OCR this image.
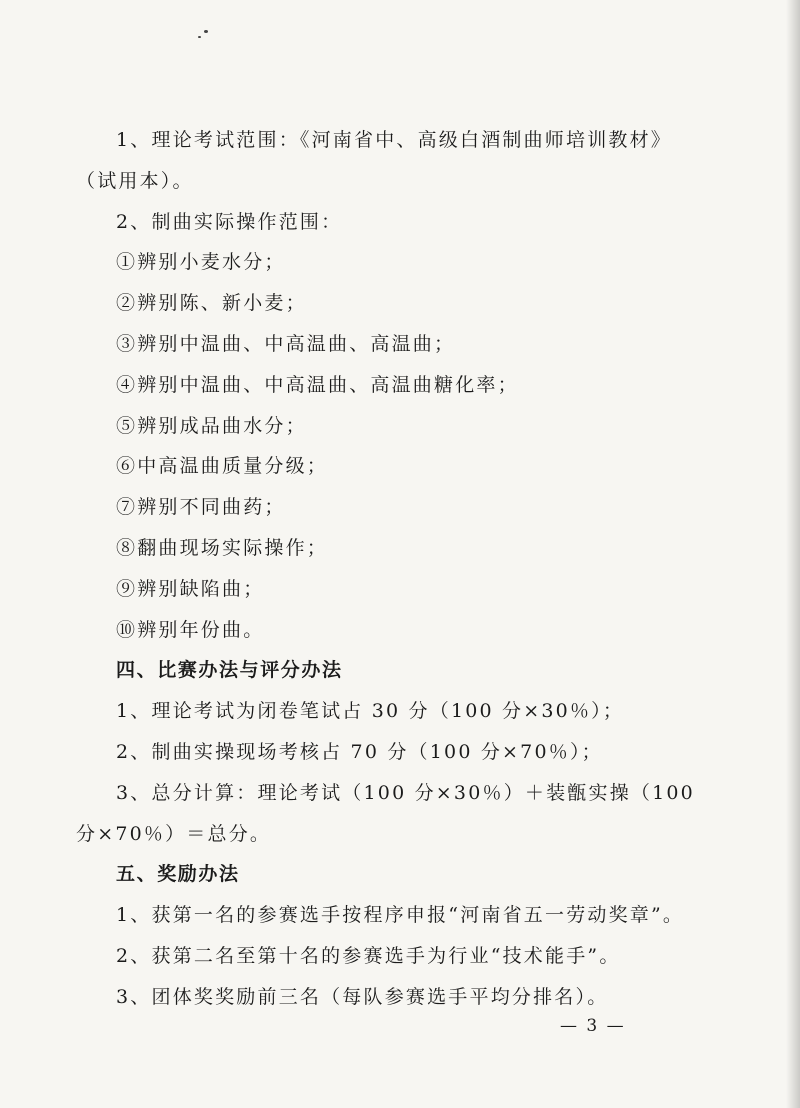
1、理论考试范围：《河南省中、高级白酒制曲师培训教材》
（试用本）。
2、制曲实际操作范围：
①辨别小麦水分；
②辨别陈、新小麦；
③辨别中温曲、中高温曲、高温曲；
④辨别中温曲、中高温曲、高温曲糖化率；
⑤辨别成品曲水分；
⑥中高温曲质量分级；
⑦辨别不同曲药；
⑧翻曲现场实际操作；
⑨辨别缺陷曲；
⑩辨别年份曲。
四、比赛办法与评分办法
1、理论考试为闭卷笔试占 30 分（100 分×30％）；
2、制曲实操现场考核占 70 分（100 分×70％）；
3、总分计算：理论考试（100 分×30％）＋装甑实操（100
分×70％）＝总分。
五、奖励办法
1、获第一名的参赛选手按程序申报“河南省五一劳动奖章”。
2、获第二名至第十名的参赛选手为行业“技术能手”。
3、团体奖奖励前三名（每队参赛选手平均分排名）。
— 3 —
